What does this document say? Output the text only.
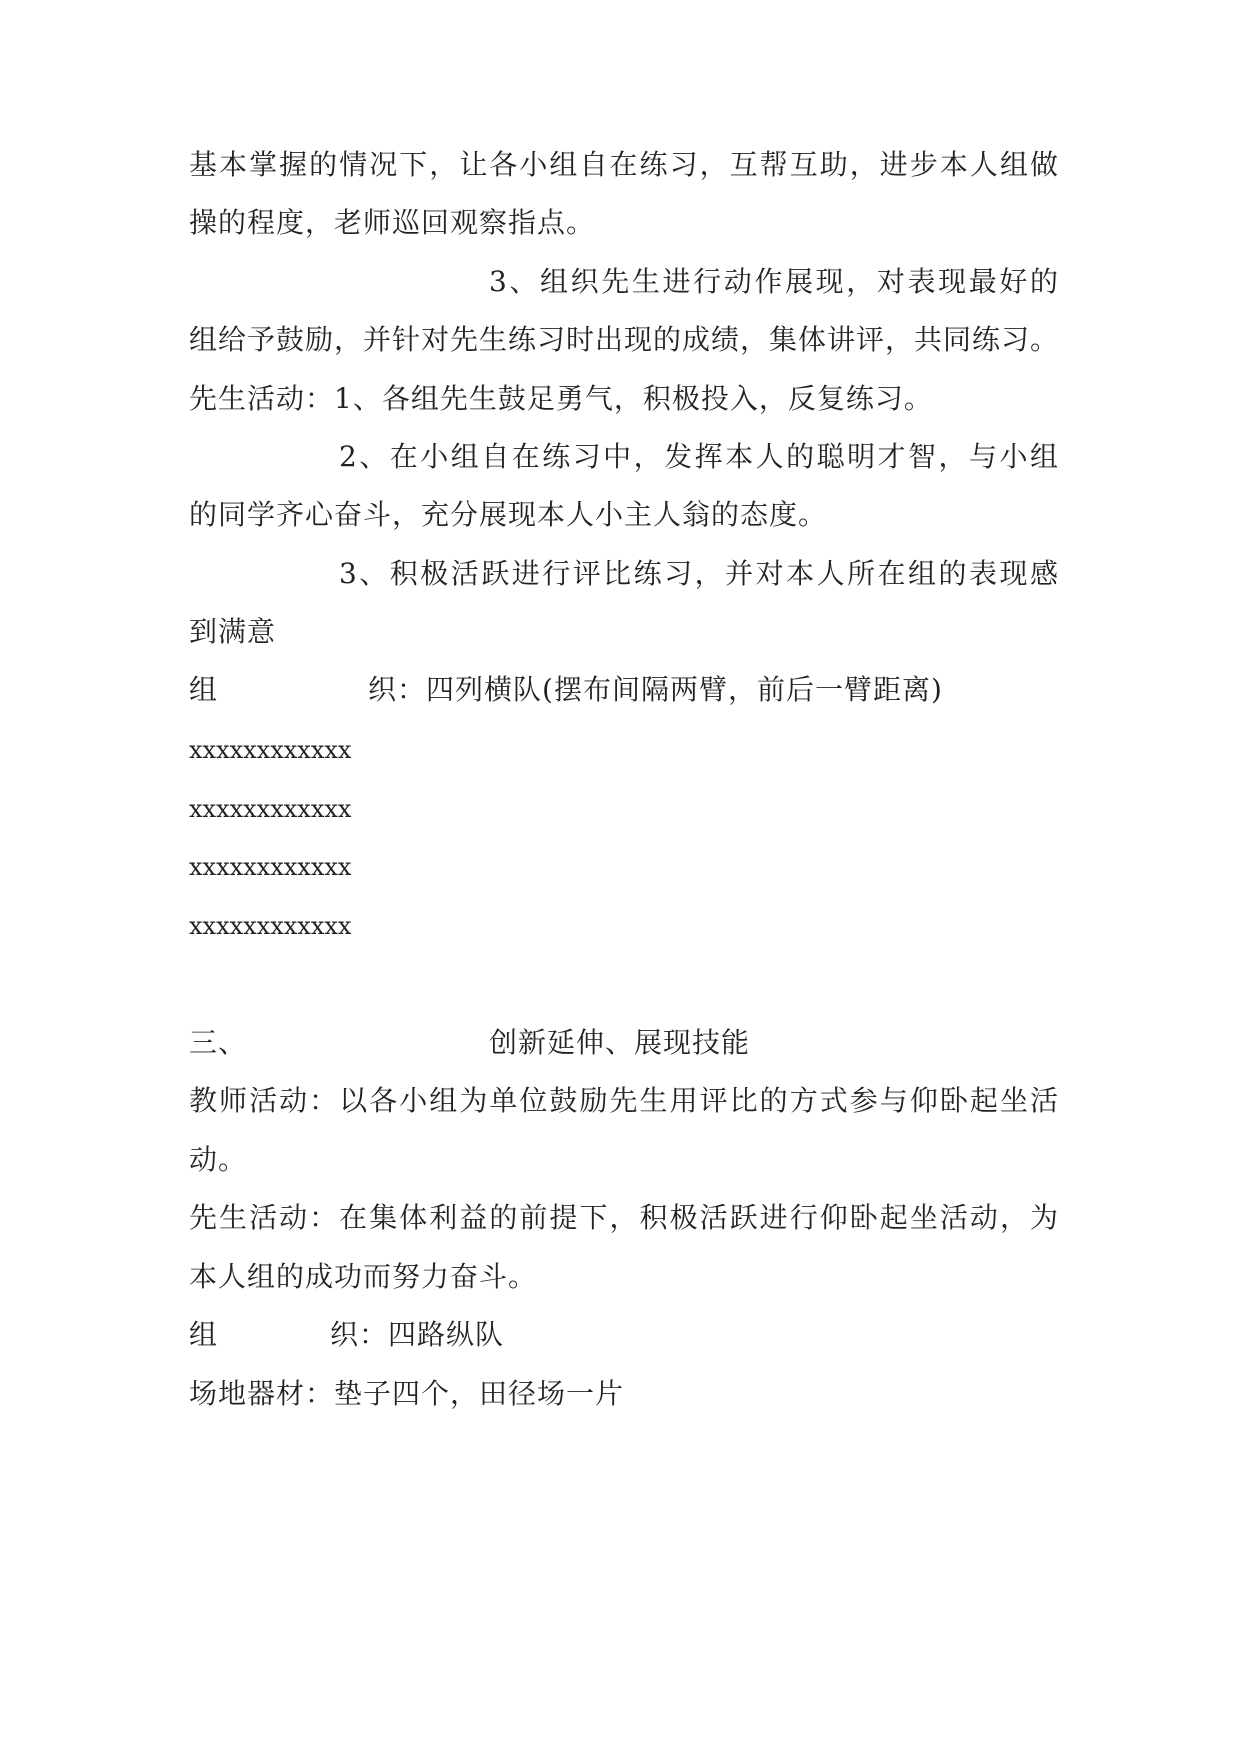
基本掌握的情况下，让各小组自在练习，互帮互助，进步本人组做
操的程度，老师巡回观察指点。
3、组织先生进行动作展现，对表现最好的
组给予鼓励，并针对先生练习时出现的成绩，集体讲评，共同练习。
先生活动：1、各组先生鼓足勇气，积极投入，反复练习。
2、在小组自在练习中，发挥本人的聪明才智，与小组
的同学齐心奋斗，充分展现本人小主人翁的态度。
3、积极活跃进行评比练习，并对本人所在组的表现感
到满意
组	织：四列横队(摆布间隔两臂，前后一臂距离)
xxxxxxxxxxxx
xxxxxxxxxxxx
xxxxxxxxxxxx
xxxxxxxxxxxx
三、	创新延伸、展现技能
教师活动：以各小组为单位鼓励先生用评比的方式参与仰卧起坐活
动。
先生活动：在集体利益的前提下，积极活跃进行仰卧起坐活动，为
本人组的成功而努力奋斗。
组	织：四路纵队
场地器材：垫子四个，田径场一片
